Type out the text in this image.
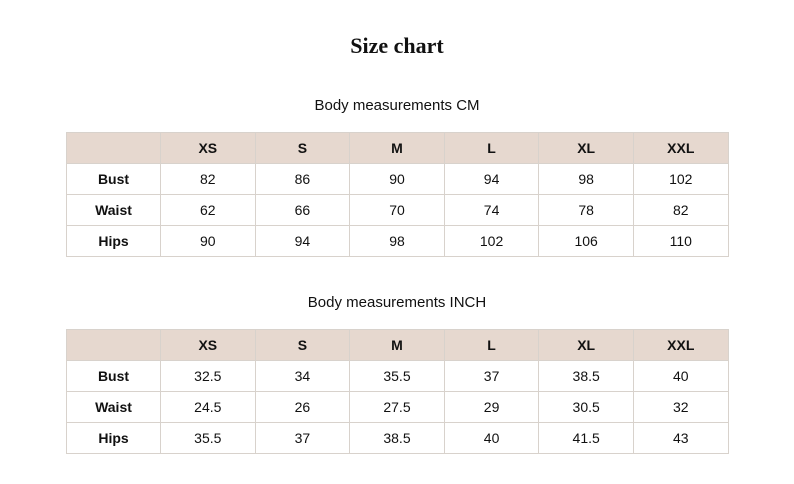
Size chart
Body measurements CM
	XS	S	M	L	XL	XXL
Bust	82	86	90	94	98	102
Waist	62	66	70	74	78	82
Hips	90	94	98	102	106	110
Body measurements INCH
	XS	S	M	L	XL	XXL
Bust	32.5	34	35.5	37	38.5	40
Waist	24.5	26	27.5	29	30.5	32
Hips	35.5	37	38.5	40	41.5	43
